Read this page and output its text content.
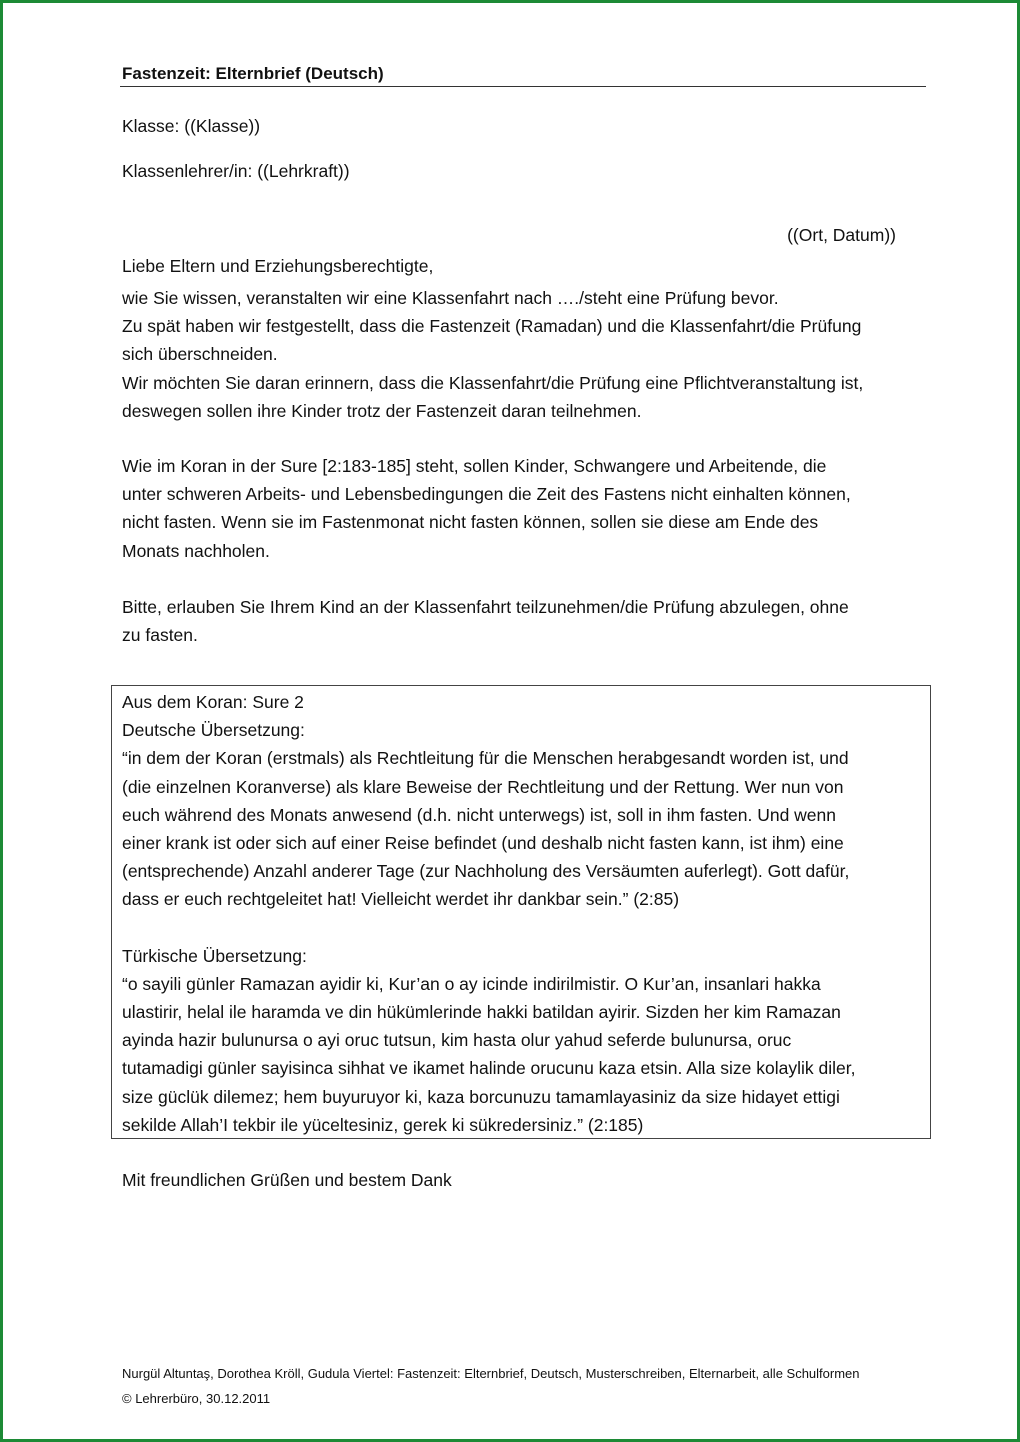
Fastenzeit: Elternbrief (Deutsch)
Klasse: ((Klasse))
Klassenlehrer/in: ((Lehrkraft))
((Ort, Datum))
Liebe Eltern und Erziehungsberechtigte,

wie Sie wissen, veranstalten wir eine Klassenfahrt nach …./steht eine Prüfung bevor.

Zu spät haben wir festgestellt, dass die Fastenzeit (Ramadan) und die Klassenfahrt/die Prüfung

sich überschneiden.

Wir möchten Sie daran erinnern, dass die Klassenfahrt/die Prüfung eine Pflichtveranstaltung ist,

deswegen sollen ihre Kinder trotz der Fastenzeit daran teilnehmen.

Wie im Koran in der Sure [2:183-185] steht, sollen Kinder, Schwangere und Arbeitende, die

unter schweren Arbeits- und Lebensbedingungen die Zeit des Fastens nicht einhalten können,

nicht fasten. Wenn sie im Fastenmonat nicht fasten können, sollen sie diese am Ende des

Monats nachholen.

Bitte, erlauben Sie Ihrem Kind an der Klassenfahrt teilzunehmen/die Prüfung abzulegen, ohne

zu fasten.

Aus dem Koran: Sure 2

Deutsche Übersetzung:

“in dem der Koran (erstmals) als Rechtleitung für die Menschen herabgesandt worden ist, und

(die einzelnen Koranverse) als klare Beweise der Rechtleitung und der Rettung. Wer nun von

euch während des Monats anwesend (d.h. nicht unterwegs) ist, soll in ihm fasten. Und wenn

einer krank ist oder sich auf einer Reise befindet (und deshalb nicht fasten kann, ist ihm) eine

(entsprechende) Anzahl anderer Tage (zur Nachholung des Versäumten auferlegt). Gott dafür,

dass er euch rechtgeleitet hat! Vielleicht werdet ihr dankbar sein.” (2:85)

Türkische Übersetzung:

“o sayili günler Ramazan ayidir ki, Kur’an o ay icinde indirilmistir. O Kur’an, insanlari hakka

ulastirir, helal ile haramda ve din hükümlerinde hakki batildan ayirir. Sizden her kim Ramazan

ayinda hazir bulunursa o ayi oruc tutsun, kim hasta olur yahud seferde bulunursa, oruc

tutamadigi günler sayisinca sihhat ve ikamet halinde orucunu kaza etsin. Alla size kolaylik diler,

size güclük dilemez; hem buyuruyor ki, kaza borcunuzu tamamlayasiniz da size hidayet ettigi

sekilde Allah’I tekbir ile yüceltesiniz, gerek ki sükredersiniz.” (2:185)

Mit freundlichen Grüßen und bestem Dank
Nurgül Altuntaş, Dorothea Kröll, Gudula Viertel: Fastenzeit: Elternbrief, Deutsch, Musterschreiben, Elternarbeit, alle Schulformen
© Lehrerbüro, 30.12.2011
